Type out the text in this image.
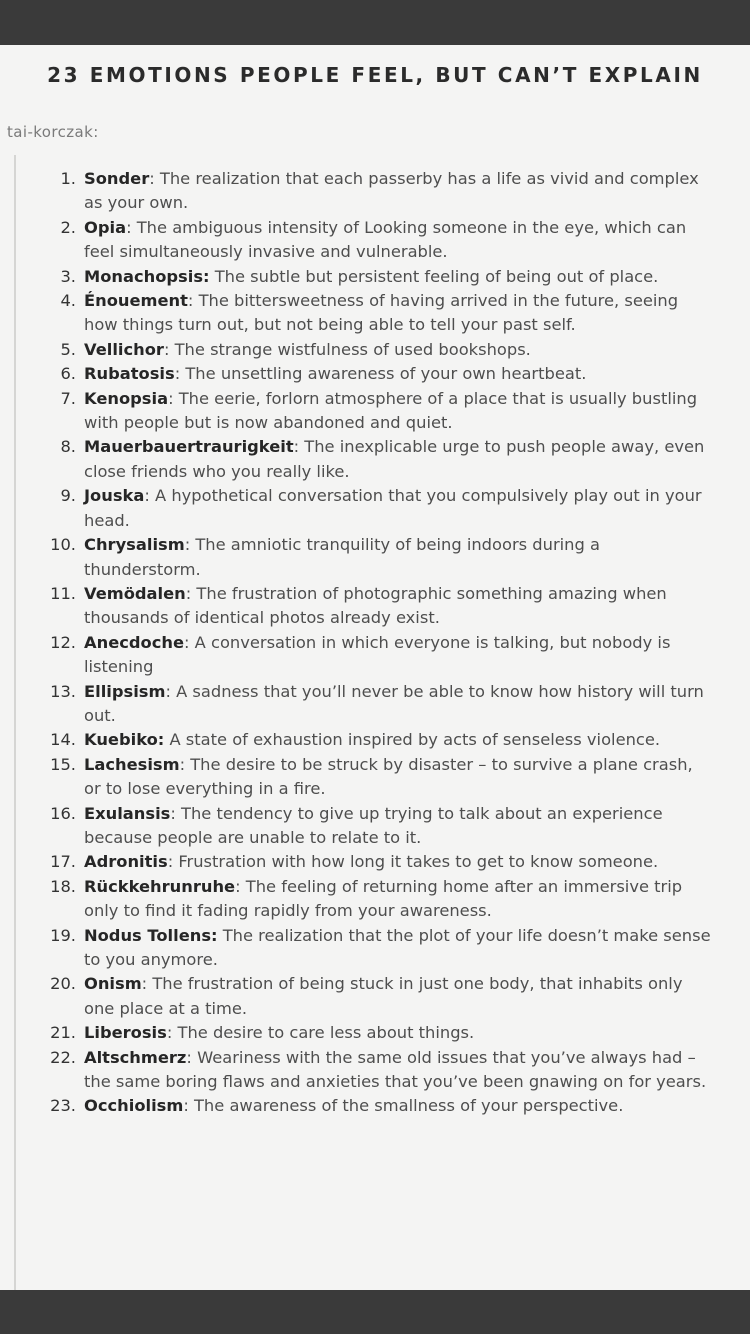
23 EMOTIONS PEOPLE FEEL, BUT CAN’T EXPLAIN
tai-korczak:
1. Sonder: The realization that each passerby has a life as vivid and complex as your own.
2. Opia: The ambiguous intensity of Looking someone in the eye, which can feel simultaneously invasive and vulnerable.
3. Monachopsis: The subtle but persistent feeling of being out of place.
4. Énouement: The bittersweetness of having arrived in the future, seeing how things turn out, but not being able to tell your past self.
5. Vellichor: The strange wistfulness of used bookshops.
6. Rubatosis: The unsettling awareness of your own heartbeat.
7. Kenopsia: The eerie, forlorn atmosphere of a place that is usually bustling with people but is now abandoned and quiet.
8. Mauerbauertraurigkeit: The inexplicable urge to push people away, even close friends who you really like.
9. Jouska: A hypothetical conversation that you compulsively play out in your head.
10. Chrysalism: The amniotic tranquility of being indoors during a thunderstorm.
11. Vemödalen: The frustration of photographic something amazing when thousands of identical photos already exist.
12. Anecdoche: A conversation in which everyone is talking, but nobody is listening
13. Ellipsism: A sadness that you’ll never be able to know how history will turn out.
14. Kuebiko: A state of exhaustion inspired by acts of senseless violence.
15. Lachesism: The desire to be struck by disaster – to survive a plane crash, or to lose everything in a fire.
16. Exulansis: The tendency to give up trying to talk about an experience because people are unable to relate to it.
17. Adronitis: Frustration with how long it takes to get to know someone.
18. Rückkehrunruhe: The feeling of returning home after an immersive trip only to find it fading rapidly from your awareness.
19. Nodus Tollens: The realization that the plot of your life doesn’t make sense to you anymore.
20. Onism: The frustration of being stuck in just one body, that inhabits only one place at a time.
21. Liberosis: The desire to care less about things.
22. Altschmerz: Weariness with the same old issues that you’ve always had – the same boring flaws and anxieties that you’ve been gnawing on for years.
23. Occhiolism: The awareness of the smallness of your perspective.
